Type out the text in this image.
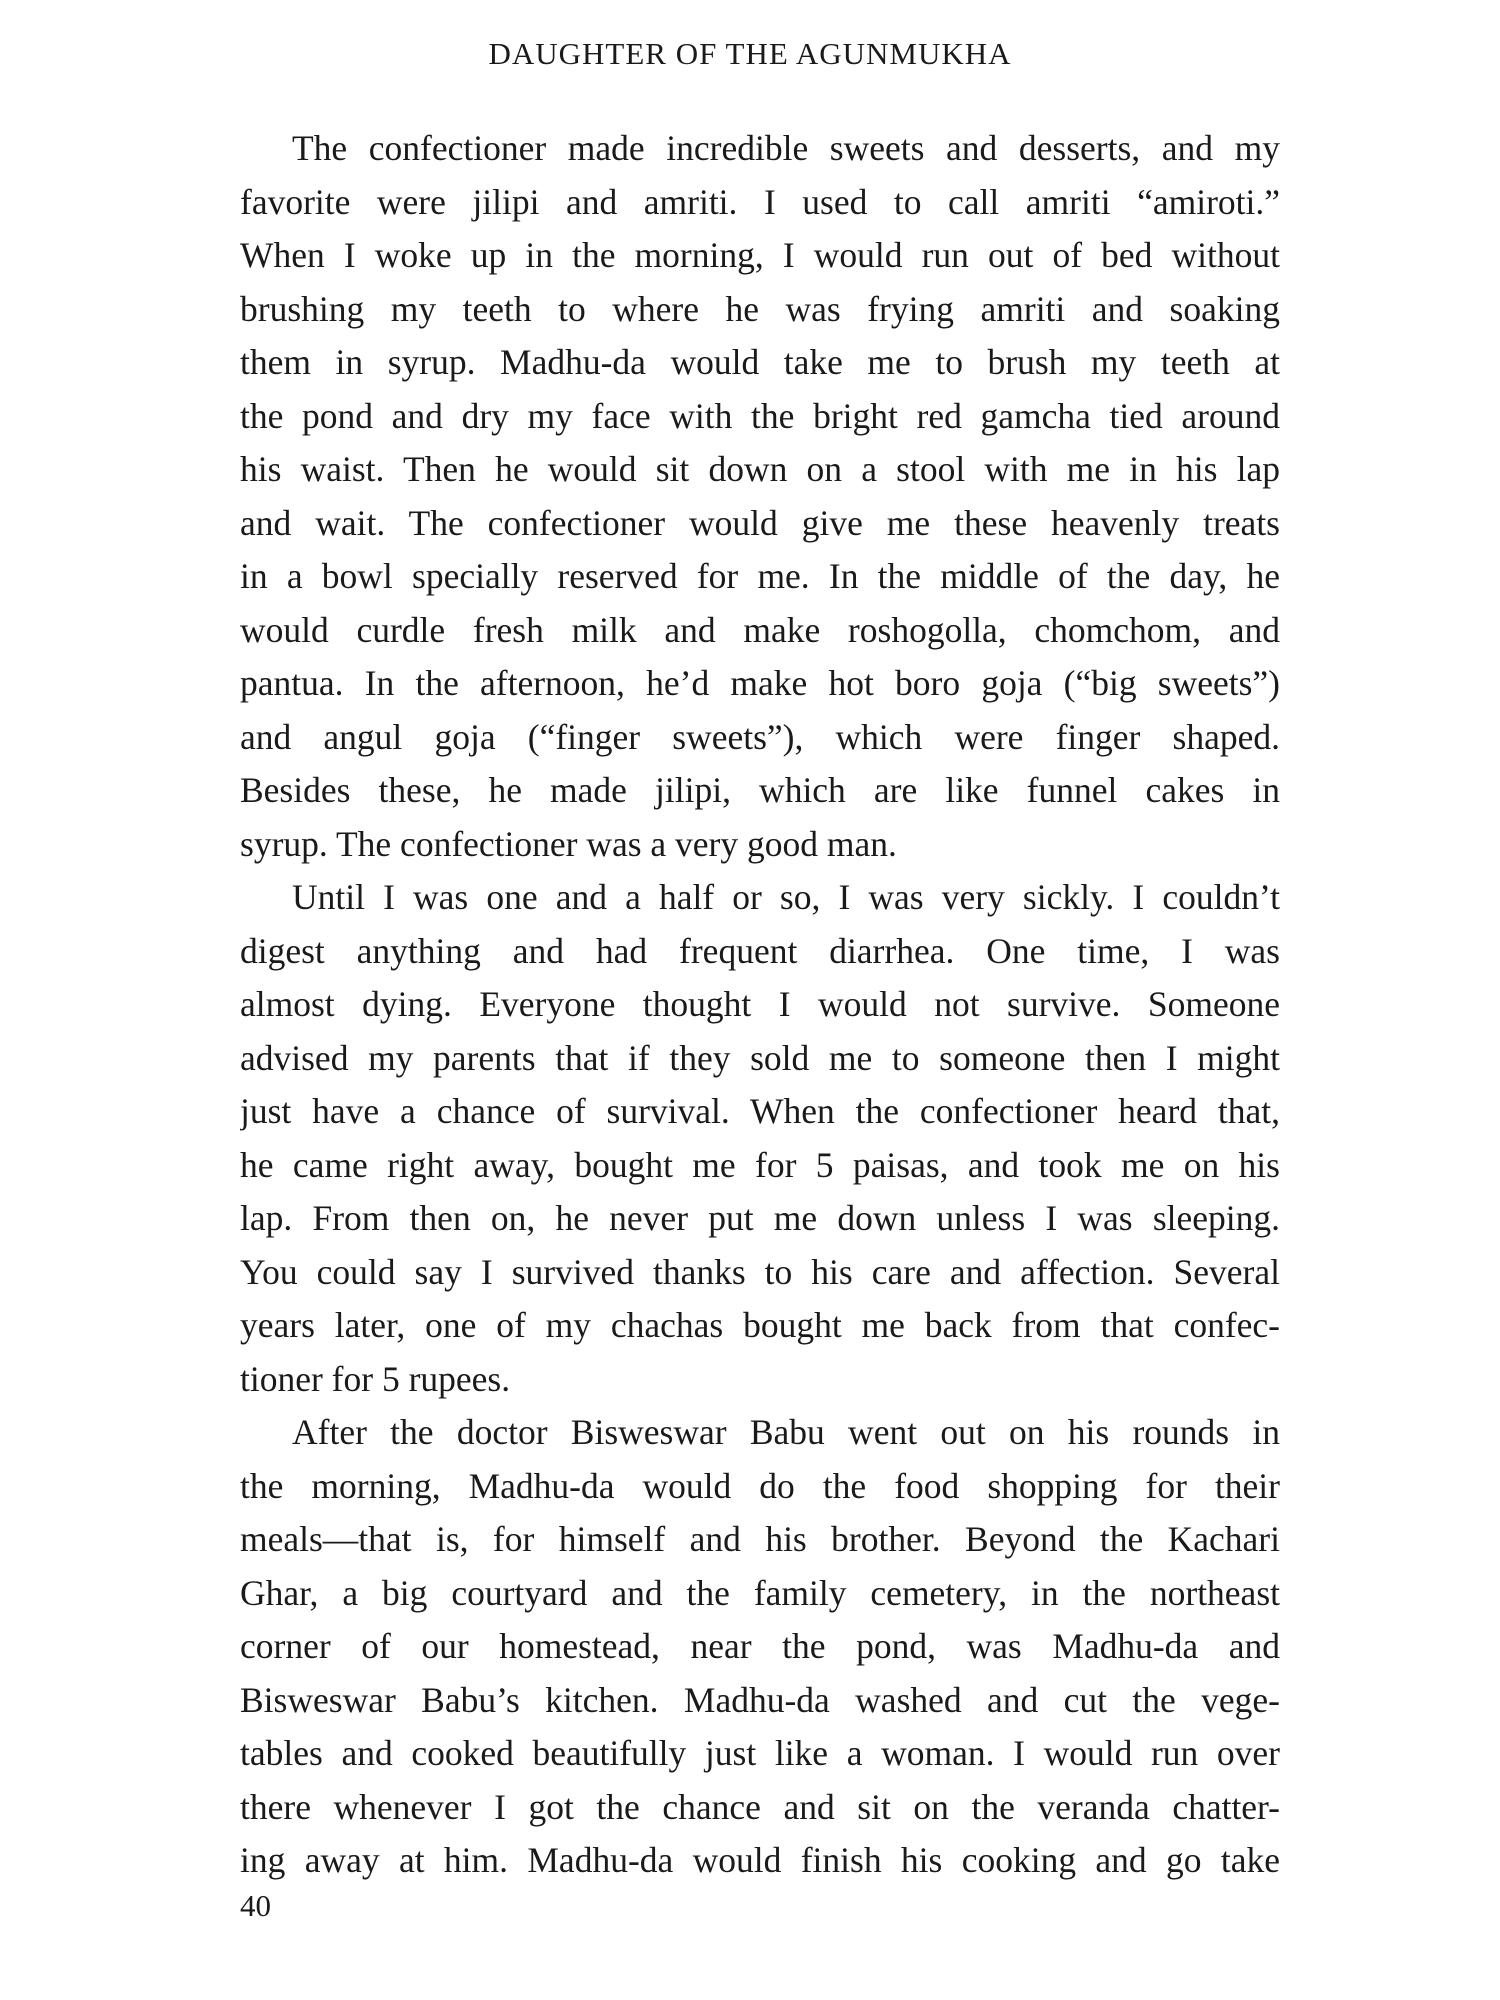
DAUGHTER OF THE AGUNMUKHA
The confectioner made incredible sweets and desserts, and my
favorite were jilipi and amriti. I used to call amriti “amiroti.”
When I woke up in the morning, I would run out of bed without
brushing my teeth to where he was frying amriti and soaking
them in syrup. Madhu-da would take me to brush my teeth at
the pond and dry my face with the bright red gamcha tied around
his waist. Then he would sit down on a stool with me in his lap
and wait. The confectioner would give me these heavenly treats
in a bowl specially reserved for me. In the middle of the day, he
would curdle fresh milk and make roshogolla, chomchom, and
pantua. In the afternoon, he’d make hot boro goja (“big sweets”)
and angul goja (“finger sweets”), which were finger shaped.
Besides these, he made jilipi, which are like funnel cakes in
syrup. The confectioner was a very good man.
Until I was one and a half or so, I was very sickly. I couldn’t
digest anything and had frequent diarrhea. One time, I was
almost dying. Everyone thought I would not survive. Someone
advised my parents that if they sold me to someone then I might
just have a chance of survival. When the confectioner heard that,
he came right away, bought me for 5 paisas, and took me on his
lap. From then on, he never put me down unless I was sleeping.
You could say I survived thanks to his care and affection. Several
years later, one of my chachas bought me back from that confec-
tioner for 5 rupees.
After the doctor Bisweswar Babu went out on his rounds in
the morning, Madhu-da would do the food shopping for their
meals—that is, for himself and his brother. Beyond the Kachari
Ghar, a big courtyard and the family cemetery, in the northeast
corner of our homestead, near the pond, was Madhu-da and
Bisweswar Babu’s kitchen. Madhu-da washed and cut the vege-
tables and cooked beautifully just like a woman. I would run over
there whenever I got the chance and sit on the veranda chatter-
ing away at him. Madhu-da would finish his cooking and go take
40
